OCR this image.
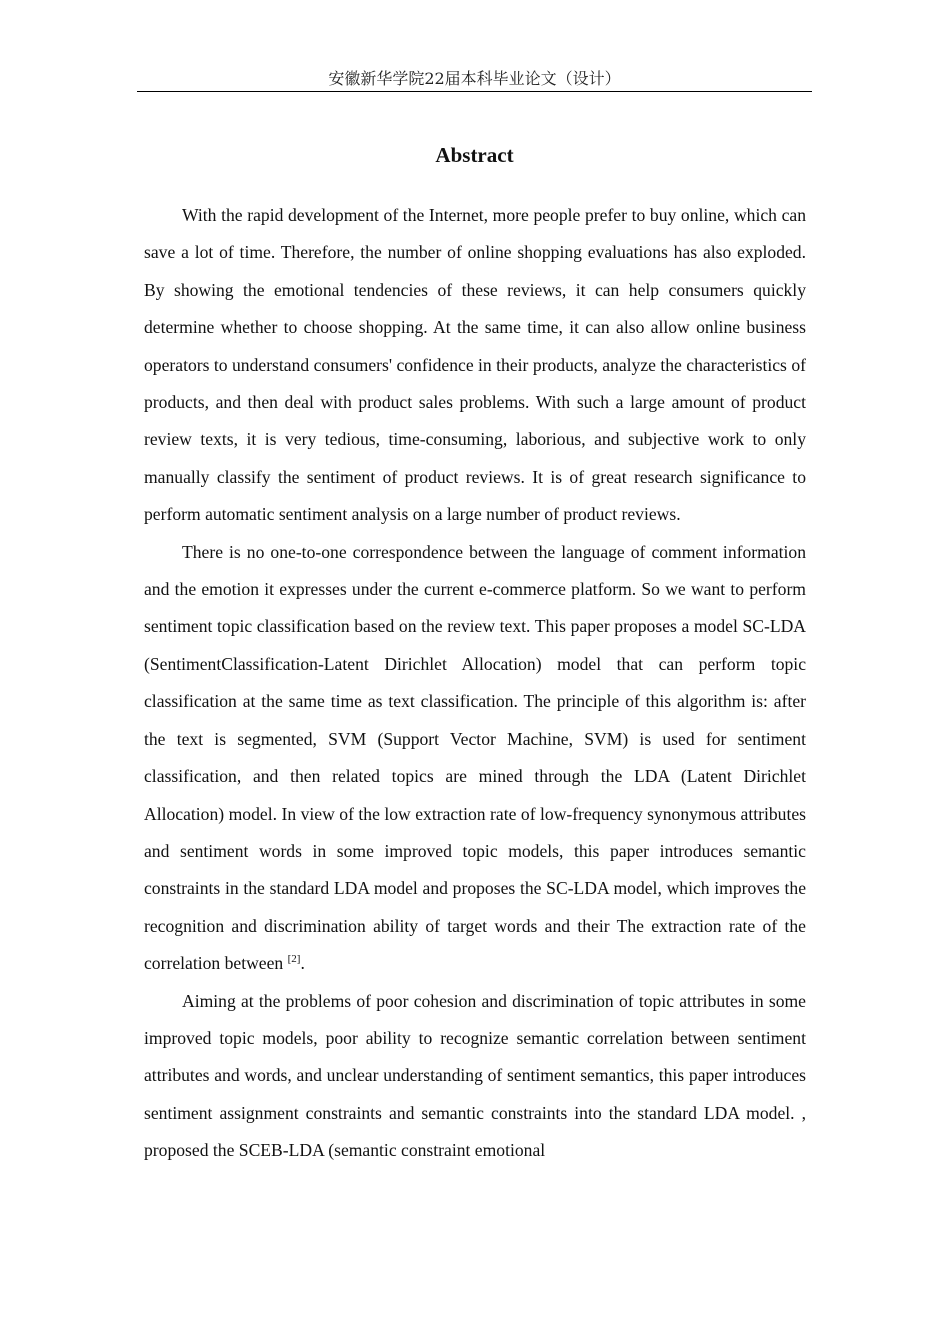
安徽新华学院22届本科毕业论文（设计）
Abstract

With the rapid development of the Internet, more people prefer to buy online, which can save a lot of time. Therefore, the number of online shopping evaluations has also exploded. By showing the emotional tendencies of these reviews, it can help consumers quickly determine whether to choose shopping. At the same time, it can also allow online business operators to understand consumers' confidence in their products, analyze the characteristics of products, and then deal with product sales problems. With such a large amount of product review texts, it is very tedious, time-consuming, laborious, and subjective work to only manually classify the sentiment of product reviews. It is of great research significance to perform automatic sentiment analysis on a large number of product reviews.

There is no one-to-one correspondence between the language of comment information and the emotion it expresses under the current e-commerce platform. So we want to perform sentiment topic classification based on the review text. This paper proposes a model SC-LDA (SentimentClassification-Latent Dirichlet Allocation) model that can perform topic classification at the same time as text classification. The principle of this algorithm is: after the text is segmented, SVM (Support Vector Machine, SVM) is used for sentiment classification, and then related topics are mined through the LDA (Latent Dirichlet Allocation) model. In view of the low extraction rate of low-frequency synonymous attributes and sentiment words in some improved topic models, this paper introduces semantic constraints in the standard LDA model and proposes the SC-LDA model, which improves the recognition and discrimination ability of target words and their The extraction rate of the correlation between [2].

Aiming at the problems of poor cohesion and discrimination of topic attributes in some improved topic models, poor ability to recognize semantic correlation between sentiment attributes and words, and unclear understanding of sentiment semantics, this paper introduces sentiment assignment constraints and semantic constraints into the standard LDA model. , proposed the SCEB-LDA (semantic constraint emotional
